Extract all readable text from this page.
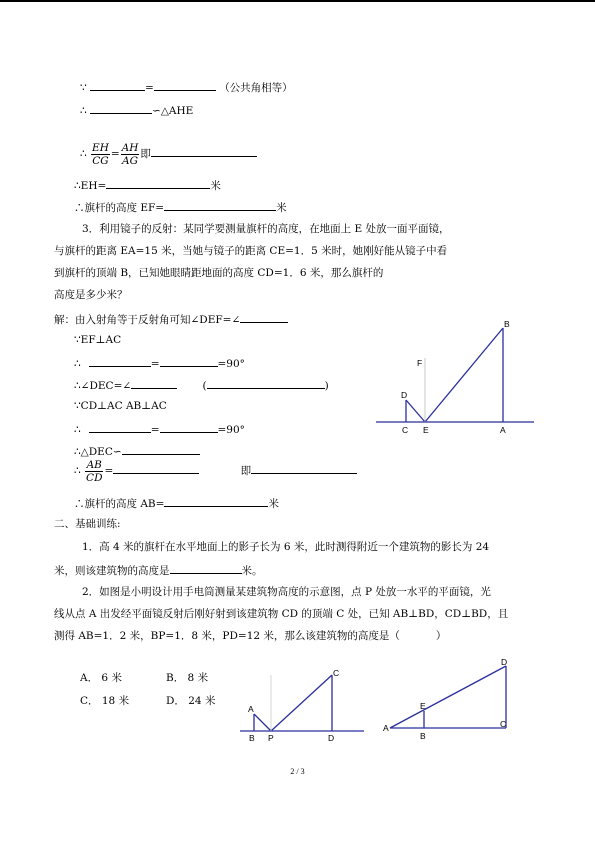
∵	=	（公共角相等）
∴	∽△AHE
∴ $\frac{EH}{CG} = \frac{AH}{AG}$ 即
∴EH=	米
∴旗杆的高度 EF=	米
3．利用镜子的反射：某同学要测量旗杆的高度，在地面上 E 处放一面平面镜，
与旗杆的距离 EA=15 米，当她与镜子的距离 CE=1．5 米时，她刚好能从镜子中看
到旗杆的顶端 B，已知她眼睛距地面的高度 CD=1．6 米，那么旗杆的
高度是多少米？
解：由入射角等于反射角可知∠DEF=∠
∵EF⊥AC
∴	=	=90°
∴∠DEC=∠	(	)
∵CD⊥AC AB⊥AC
∴	=	=90°
∴△DEC∽
∴ $\frac{AB}{CD}$ =	即
∴旗杆的高度 AB=	米
二、基础训练:
1．高 4 米的旗杆在水平地面上的影子长为 6 米，此时测得附近一个建筑物的影长为 24
米，则该建筑物的高度是	米。
2．如图是小明设计用手电筒测量某建筑物高度的示意图，点 P 处放一水平的平面镜，光
线从点 A 出发经平面镜反射后刚好射到该建筑物 CD 的顶端 C 处，已知 AB⊥BD，CD⊥BD，且
测得 AB=1．2 米，BP=1．8 米，PD=12 米，那么该建筑物的高度是（	）
A． 6 米	B． 8 米
C． 18 米	D． 24 米
B
F
D
C E	A
C
A
B P	D
D
E
A
B
C
2 / 3
